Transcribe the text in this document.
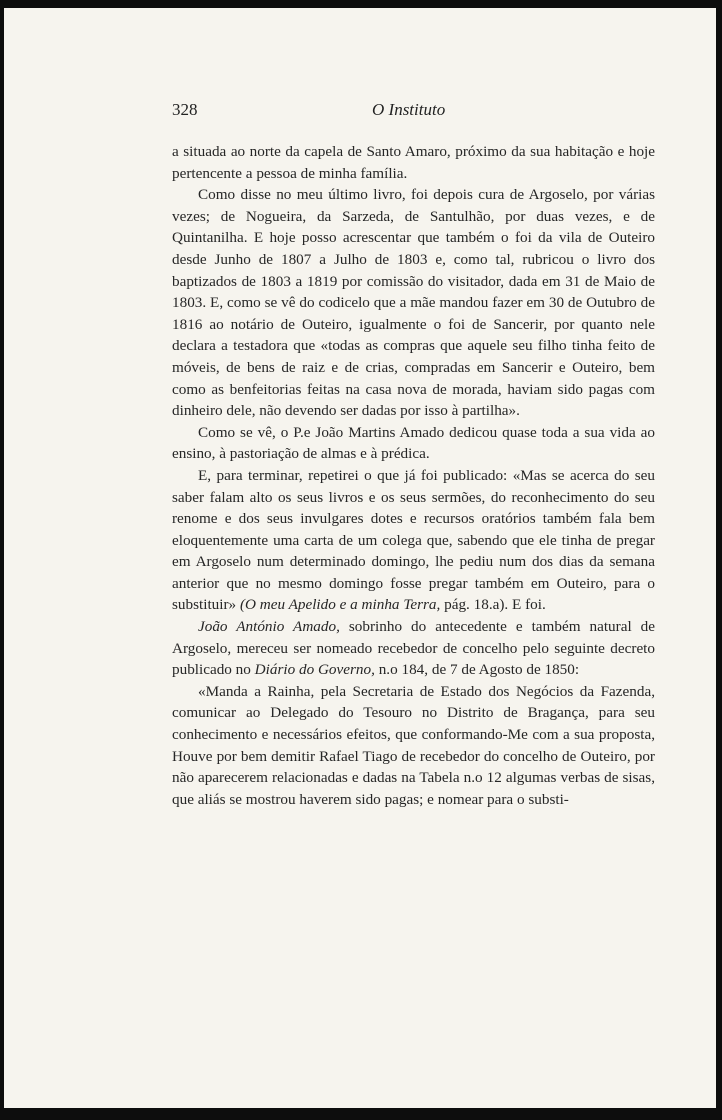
328	O Instituto

a situada ao norte da capela de Santo Amaro, próximo da sua habitação e hoje pertencente a pessoa de minha família.

Como disse no meu último livro, foi depois cura de Argoselo, por várias vezes; de Nogueira, da Sarzeda, de Santulhão, por duas vezes, e de Quintanilha. E hoje posso acrescentar que também o foi da vila de Outeiro desde Junho de 1807 a Julho de 1803 e, como tal, rubricou o livro dos baptizados de 1803 a 1819 por comissão do visitador, dada em 31 de Maio de 1803. E, como se vê do codicelo que a mãe mandou fazer em 30 de Outubro de 1816 ao notário de Outeiro, igualmente o foi de Sancerir, por quanto nele declara a testadora que «todas as compras que aquele seu filho tinha feito de móveis, de bens de raiz e de crias, compradas em Sancerir e Outeiro, bem como as benfeitorias feitas na casa nova de morada, haviam sido pagas com dinheiro dele, não devendo ser dadas por isso à partilha».

Como se vê, o P.e João Martins Amado dedicou quase toda a sua vida ao ensino, à pastoriação de almas e à prédica.

E, para terminar, repetirei o que já foi publicado: «Mas se acerca do seu saber falam alto os seus livros e os seus sermões, do reconhecimento do seu renome e dos seus invulgares dotes e recursos oratórios também fala bem eloquentemente uma carta de um colega que, sabendo que ele tinha de pregar em Argoselo num determinado domingo, lhe pediu num dos dias da semana anterior que no mesmo domingo fosse pregar também em Outeiro, para o substituir» (O meu Apelido e a minha Terra, pág. 18.a). E foi.

João António Amado, sobrinho do antecedente e também natural de Argoselo, mereceu ser nomeado recebedor de concelho pelo seguinte decreto publicado no Diário do Governo, n.o 184, de 7 de Agosto de 1850:

«Manda a Rainha, pela Secretaria de Estado dos Negócios da Fazenda, comunicar ao Delegado do Tesouro no Distrito de Bragança, para seu conhecimento e necessários efeitos, que conformando-Me com a sua proposta, Houve por bem demitir Rafael Tiago de recebedor do concelho de Outeiro, por não aparecerem relacionadas e dadas na Tabela n.o 12 algumas verbas de sisas, que aliás se mostrou haverem sido pagas; e nomear para o substi-
